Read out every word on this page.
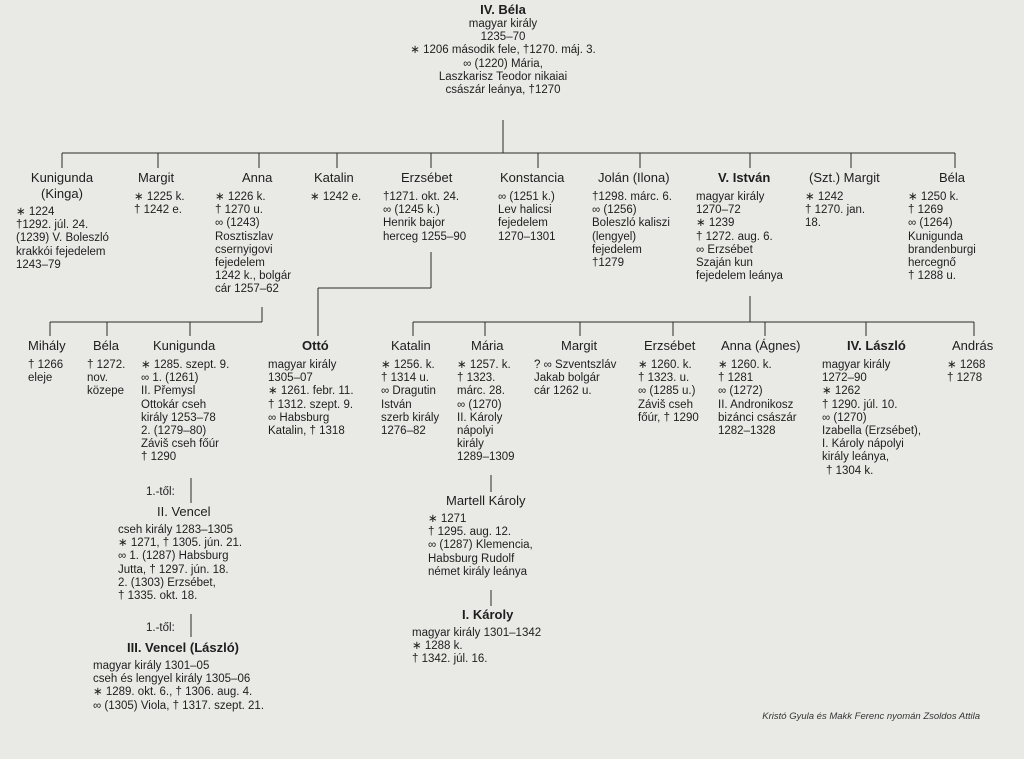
IV. Béla
magyar király
1235–70
∗ 1206 második fele, †1270. máj. 3.
∞ (1220) Mária,
Laszkarisz Teodor nikaiai
császár leánya, †1270
Kunigunda
(Kinga)
∗ 1224
†1292. júl. 24.
(1239) V. Boleszló
krakkói fejedelem
1243–79
Margit
∗ 1225 k.
† 1242 e.
Anna
∗ 1226 k.
† 1270 u.
∞ (1243)
Rosztiszlav
csernyigovi
fejedelem
1242 k., bolgár
cár 1257–62
Katalin
∗ 1242 e.
Erzsébet
†1271. okt. 24.
∞ (1245 k.)
Henrik bajor
herceg 1255–90
Konstancia
∞ (1251 k.)
Lev halicsi
fejedelem
1270–1301
Jolán (Ilona)
†1298. márc. 6.
∞ (1256)
Boleszló kaliszi
(lengyel)
fejedelem
†1279
V. István
magyar király
1270–72
∗ 1239
† 1272. aug. 6.
∞ Erzsébet
Szaján kun
fejedelem leánya
(Szt.) Margit
∗ 1242
† 1270. jan.
18.
Béla
∗ 1250 k.
† 1269
∞ (1264)
Kunigunda
brandenburgi
hercegnő
† 1288 u.
Mihály
† 1266
eleje
Béla
† 1272.
nov.
közepe
Kunigunda
∗ 1285. szept. 9.
∞ 1. (1261)
II. Přemysl
Ottokár cseh
király 1253–78
2. (1279–80)
Záviš cseh főúr
† 1290
Ottó
magyar király
1305–07
∗ 1261. febr. 11.
† 1312. szept. 9.
∞ Habsburg
Katalin, † 1318
Katalin
∗ 1256. k.
† 1314 u.
∞ Dragutin
István
szerb király
1276–82
Mária
∗ 1257. k.
† 1323.
márc. 28.
∞ (1270)
II. Károly
nápolyi
király
1289–1309
Margit
? ∞ Szventszláv
Jakab bolgár
cár 1262 u.
Erzsébet
∗ 1260. k.
† 1323. u.
∞ (1285 u.)
Záviš cseh
főúr, † 1290
Anna (Ágnes)
∗ 1260. k.
† 1281
∞ (1272)
II. Andronikosz
bizánci császár
1282–1328
IV. László
magyar király
1272–90
∗ 1262
† 1290. júl. 10.
∞ (1270)
Izabella (Erzsébet),
I. Károly nápolyi
király leánya,
† 1304 k.
András
∗ 1268
† 1278
1.-től:
II. Vencel
cseh király 1283–1305
∗ 1271, † 1305. jún. 21.
∞ 1. (1287) Habsburg
Jutta, † 1297. jún. 18.
2. (1303) Erzsébet,
† 1335. okt. 18.
1.-től:
III. Vencel (László)
magyar király 1301–05
cseh és lengyel király 1305–06
∗ 1289. okt. 6., † 1306. aug. 4.
∞ (1305) Viola, † 1317. szept. 21.
Martell Károly
∗ 1271
† 1295. aug. 12.
∞ (1287) Klemencia,
Habsburg Rudolf
német király leánya
I. Károly
magyar király 1301–1342
∗ 1288 k.
† 1342. júl. 16.
Kristó Gyula és Makk Ferenc nyomán Zsoldos Attila
